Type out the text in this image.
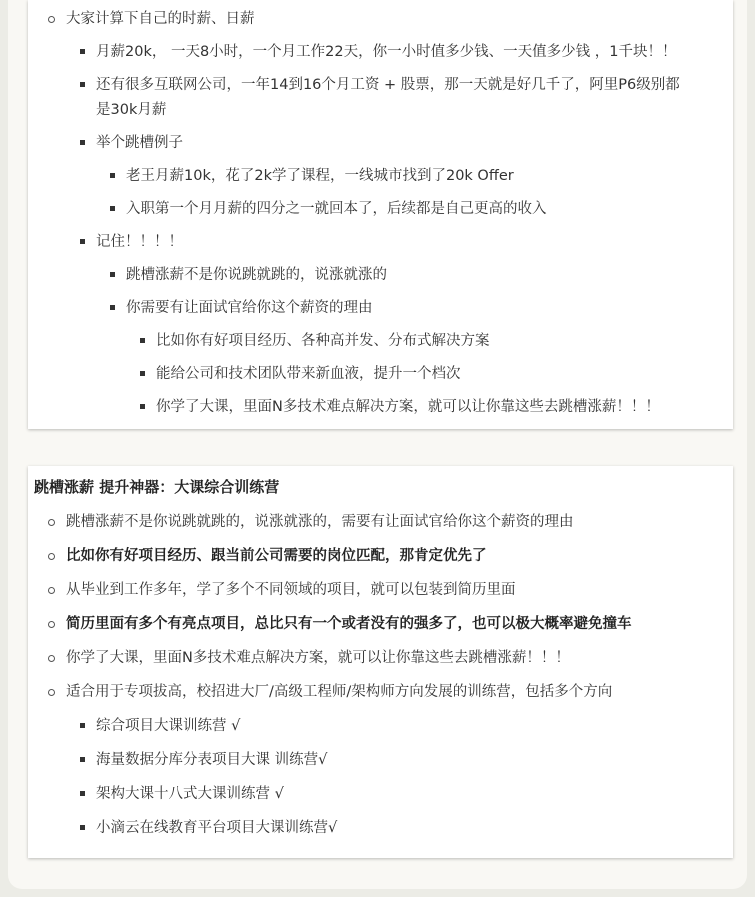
大家计算下自己的时薪、日薪
月薪20k， 一天8小时，一个月工作22天，你一小时值多少钱、一天值多少钱 ，1千块！！
还有很多互联网公司，一年14到16个月工资 + 股票，那一天就是好几千了，阿里P6级别都
是30k月薪
举个跳槽例子
老王月薪10k，花了2k学了课程，一线城市找到了20k Offer
入职第一个月月薪的四分之一就回本了，后续都是自己更高的收入
记住！！！！
跳槽涨薪不是你说跳就跳的，说涨就涨的
你需要有让面试官给你这个薪资的理由
比如你有好项目经历、各种高并发、分布式解决方案
能给公司和技术团队带来新血液，提升一个档次
你学了大课，里面N多技术难点解决方案，就可以让你靠这些去跳槽涨薪！！！
跳槽涨薪 提升神器：大课综合训练营
跳槽涨薪不是你说跳就跳的，说涨就涨的，需要有让面试官给你这个薪资的理由
比如你有好项目经历、跟当前公司需要的岗位匹配，那肯定优先了
从毕业到工作多年，学了多个不同领域的项目，就可以包装到简历里面
简历里面有多个有亮点项目，总比只有一个或者没有的强多了，也可以极大概率避免撞车
你学了大课，里面N多技术难点解决方案，就可以让你靠这些去跳槽涨薪！！！
适合用于专项拔高，校招进大厂/高级工程师/架构师方向发展的训练营，包括多个方向
综合项目大课训练营 √
海量数据分库分表项目大课 训练营√
架构大课十八式大课训练营 √
小滴云在线教育平台项目大课训练营√
